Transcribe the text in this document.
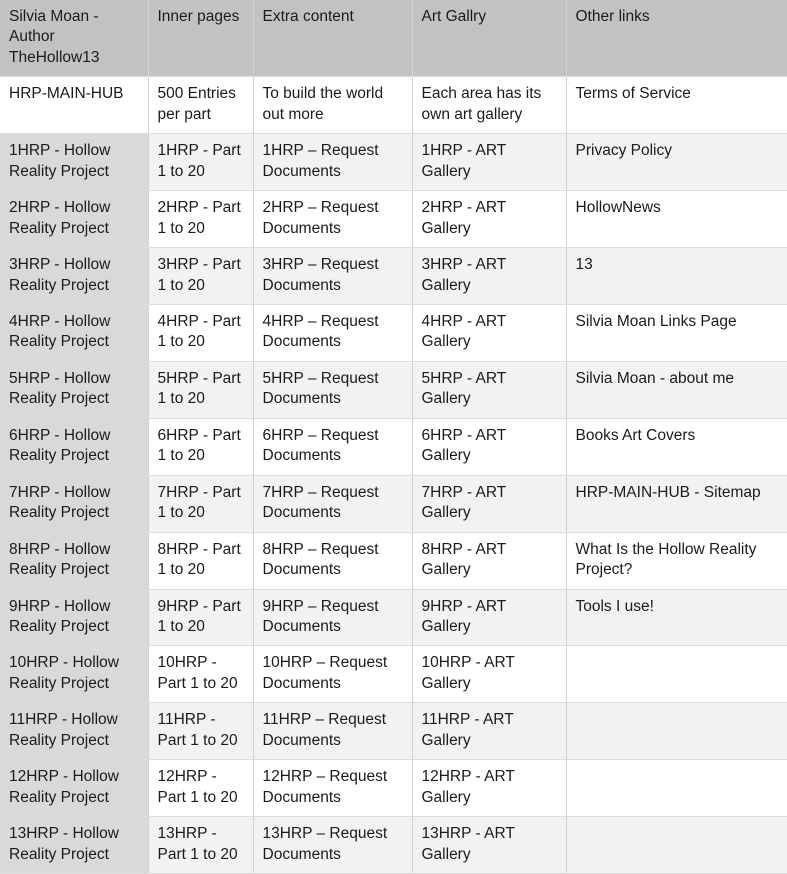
Silvia Moan - Author TheHollow13	Inner pages	Extra content	Art Gallry	Other links

HRP-MAIN-HUB	500 Entries per part	To build the world out more	Each area has its own art gallery	Terms of Service

1HRP - Hollow Reality Project	1HRP - Part 1 to 20	1HRP – Request Documents	1HRP - ART Gallery	Privacy Policy

2HRP - Hollow Reality Project	2HRP - Part 1 to 20	2HRP – Request Documents	2HRP - ART Gallery	HollowNews

3HRP - Hollow Reality Project	3HRP - Part 1 to 20	3HRP – Request Documents	3HRP - ART Gallery	13

4HRP - Hollow Reality Project	4HRP - Part 1 to 20	4HRP – Request Documents	4HRP - ART Gallery	Silvia Moan Links Page

5HRP - Hollow Reality Project	5HRP - Part 1 to 20	5HRP – Request Documents	5HRP - ART Gallery	Silvia Moan - about me

6HRP - Hollow Reality Project	6HRP - Part 1 to 20	6HRP – Request Documents	6HRP - ART Gallery	Books Art Covers

7HRP - Hollow Reality Project	7HRP - Part 1 to 20	7HRP – Request Documents	7HRP - ART Gallery	HRP-MAIN-HUB - Sitemap

8HRP - Hollow Reality Project	8HRP - Part 1 to 20	8HRP – Request Documents	8HRP - ART Gallery	What Is the Hollow Reality Project?

9HRP - Hollow Reality Project	9HRP - Part 1 to 20	9HRP – Request Documents	9HRP - ART Gallery	Tools I use!

10HRP - Hollow Reality Project	10HRP - Part 1 to 20	10HRP – Request Documents	10HRP - ART Gallery	

11HRP - Hollow Reality Project	11HRP - Part 1 to 20	11HRP – Request Documents	11HRP - ART Gallery	

12HRP - Hollow Reality Project	12HRP - Part 1 to 20	12HRP – Request Documents	12HRP - ART Gallery	

13HRP - Hollow Reality Project	13HRP - Part 1 to 20	13HRP – Request Documents	13HRP - ART Gallery	
